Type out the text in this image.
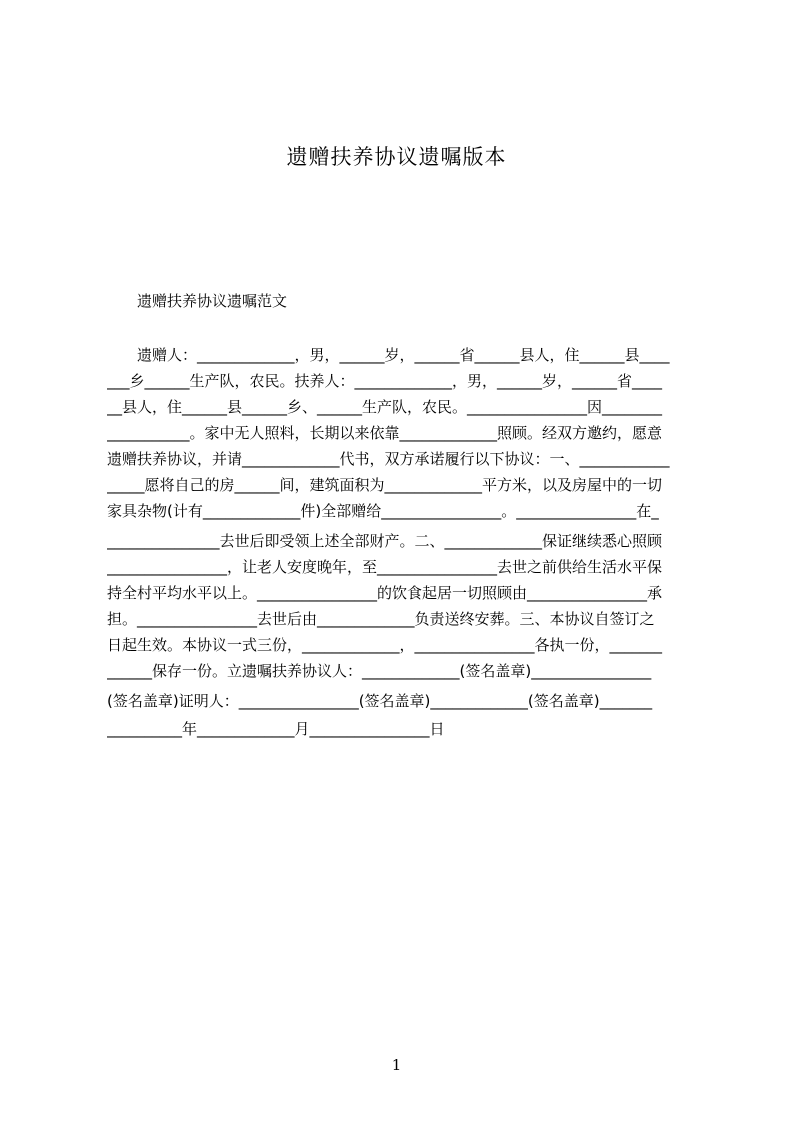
遗赠扶养协议遗嘱版本
遗赠扶养协议遗嘱范文
　　遗赠人：_____________，男，______岁，______省______县人，住______县____
___乡______生产队，农民。扶养人：_____________，男，______岁，______省____
__县人，住______县______乡、______生产队，农民。________________因________
___________。家中无人照料，长期以来依靠_____________照顾。经双方邀约，愿意
遗赠扶养协议，并请_____________代书，双方承诺履行以下协议：一、____________
_____愿将自己的房______间，建筑面积为_____________平方米，以及房屋中的一切
家具杂物(计有_____________件)全部赠给________________。________________在_
_______________去世后即受领上述全部财产。二、_____________保证继续悉心照顾
________________，让老人安度晚年，至________________去世之前供给生活水平保
持全村平均水平以上。________________的饮食起居一切照顾由________________承
担。________________去世后由_____________负责送终安葬。三、本协议自签订之
日起生效。本协议一式三份，_____________，________________各执一份，_______
______保存一份。立遗嘱扶养协议人：_____________(签名盖章)________________
(签名盖章)证明人：________________(签名盖章)_____________(签名盖章)_______
__________年_____________月________________日
1
